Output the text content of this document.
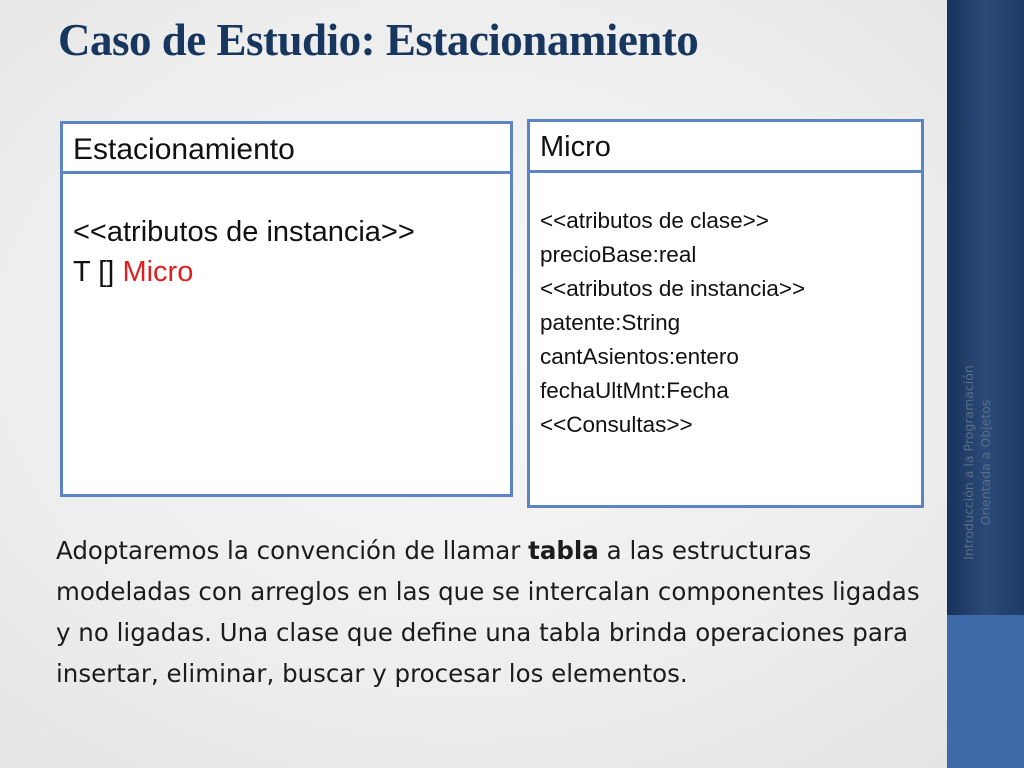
Caso de Estudio: Estacionamiento
Introducción a la Programación Orientada a Objetos
Estacionamiento
<<atributos de instancia>>
T [] Micro
Micro
<<atributos de clase>>
precioBase:real
<<atributos de instancia>>
patente:String
cantAsientos:entero
fechaUltMnt:Fecha
<<Consultas>>

Adoptaremos la convención de llamar tabla a las estructuras modeladas con arreglos en las que se intercalan componentes ligadas y no ligadas. Una clase que define una tabla brinda operaciones para insertar, eliminar, buscar y procesar los elementos.
